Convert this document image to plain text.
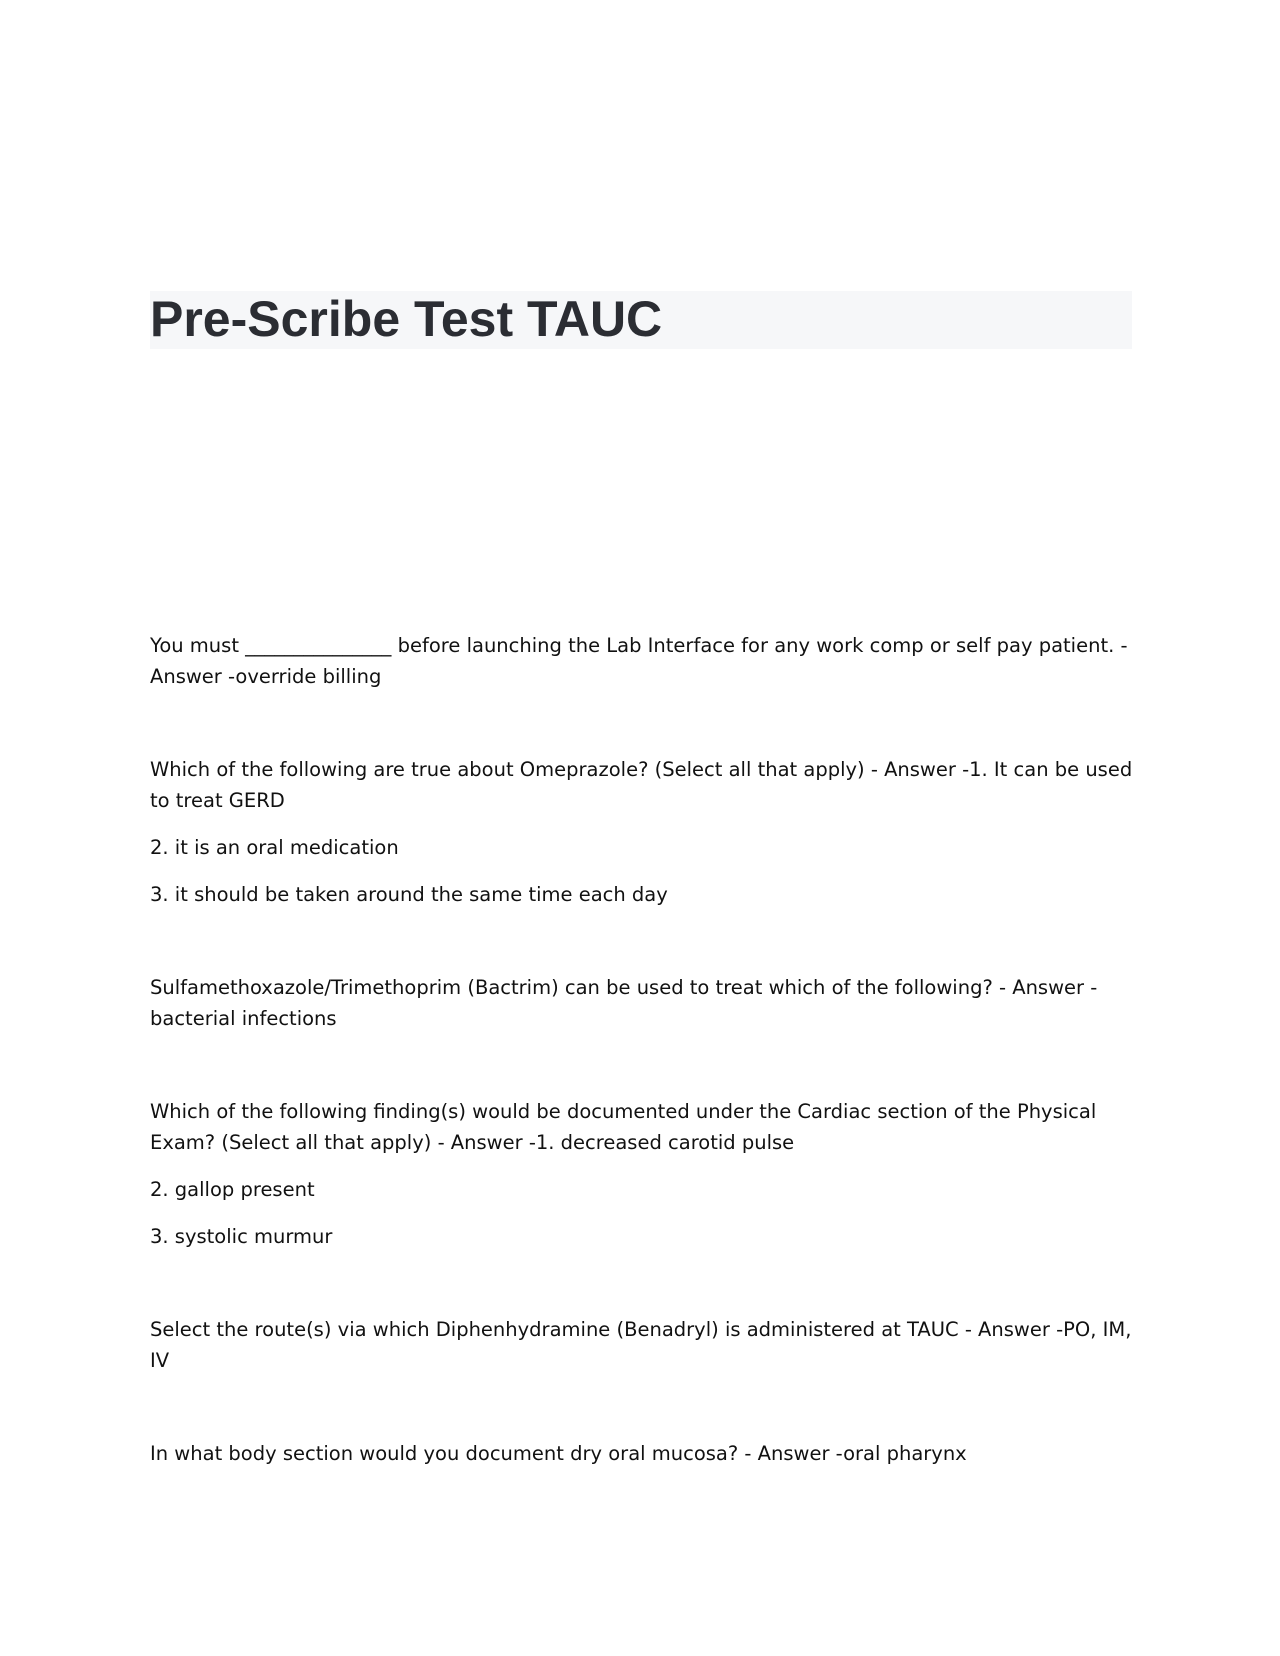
Pre-Scribe Test TAUC

You must _______________ before launching the Lab Interface for any work comp or self pay patient. - Answer -override billing

Which of the following are true about Omeprazole? (Select all that apply) - Answer -1. It can be used to treat GERD

2. it is an oral medication

3. it should be taken around the same time each day

Sulfamethoxazole/Trimethoprim (Bactrim) can be used to treat which of the following? - Answer -bacterial infections

Which of the following finding(s) would be documented under the Cardiac section of the Physical Exam? (Select all that apply) - Answer -1. decreased carotid pulse

2. gallop present

3. systolic murmur

Select the route(s) via which Diphenhydramine (Benadryl) is administered at TAUC - Answer -PO, IM, IV

In what body section would you document dry oral mucosa? - Answer -oral pharynx
